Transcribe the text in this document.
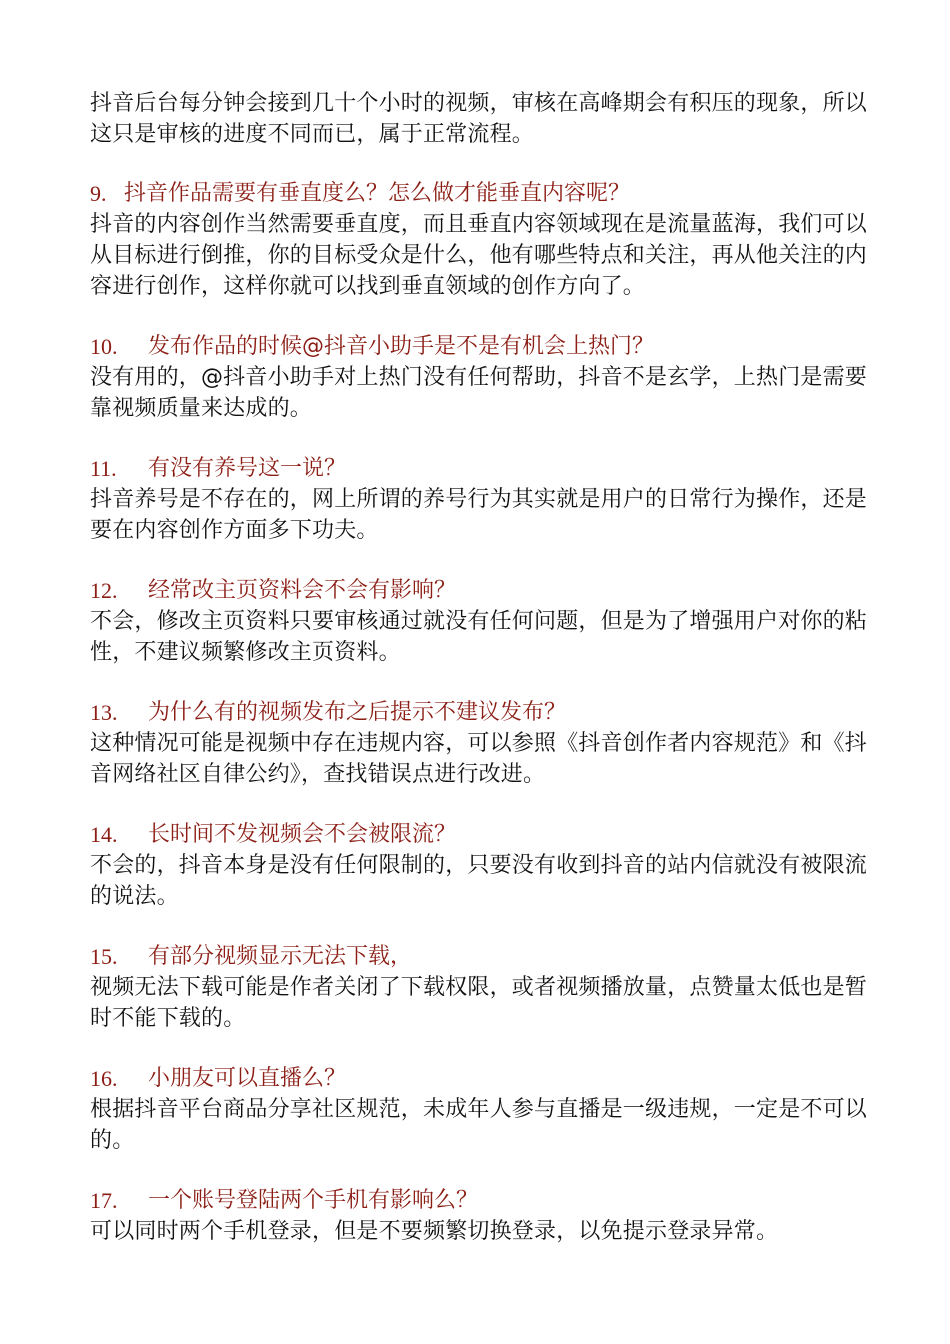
抖音后台每分钟会接到几十个小时的视频，审核在高峰期会有积压的现象，所以这只是审核的进度不同而已，属于正常流程。

9. 抖音作品需要有垂直度么？怎么做才能垂直内容呢？

抖音的内容创作当然需要垂直度，而且垂直内容领域现在是流量蓝海，我们可以从目标进行倒推，你的目标受众是什么，他有哪些特点和关注，再从他关注的内容进行创作，这样你就可以找到垂直领域的创作方向了。

10.	发布作品的时候@抖音小助手是不是有机会上热门？

没有用的，@抖音小助手对上热门没有任何帮助，抖音不是玄学，上热门是需要靠视频质量来达成的。

11.	有没有养号这一说？

抖音养号是不存在的，网上所谓的养号行为其实就是用户的日常行为操作，还是要在内容创作方面多下功夫。

12.	经常改主页资料会不会有影响？

不会，修改主页资料只要审核通过就没有任何问题，但是为了增强用户对你的粘性，不建议频繁修改主页资料。

13.	为什么有的视频发布之后提示不建议发布？

这种情况可能是视频中存在违规内容，可以参照《抖音创作者内容规范》和《抖音网络社区自律公约》，查找错误点进行改进。

14.	长时间不发视频会不会被限流？

不会的，抖音本身是没有任何限制的，只要没有收到抖音的站内信就没有被限流的说法。

15.	有部分视频显示无法下载，

视频无法下载可能是作者关闭了下载权限，或者视频播放量，点赞量太低也是暂时不能下载的。

16.	小朋友可以直播么？

根据抖音平台商品分享社区规范，未成年人参与直播是一级违规，一定是不可以的。

17.	一个账号登陆两个手机有影响么？

可以同时两个手机登录，但是不要频繁切换登录，以免提示登录异常。
